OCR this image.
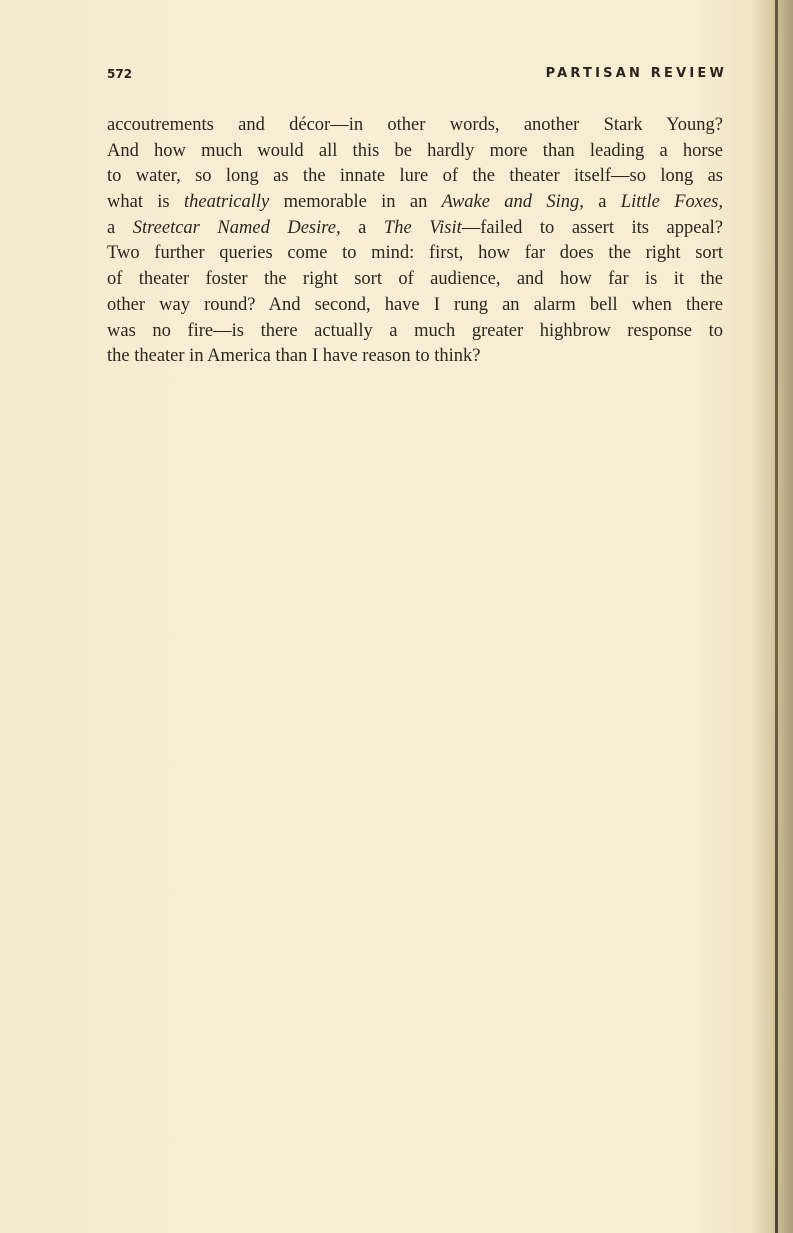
572	PARTISAN REVIEW
accoutrements and décor—in other words, another Stark Young?
And how much would all this be hardly more than leading a horse
to water, so long as the innate lure of the theater itself—so long as
what is theatrically memorable in an Awake and Sing, a Little Foxes,
a Streetcar Named Desire, a The Visit—failed to assert its appeal?
Two further queries come to mind: first, how far does the right sort
of theater foster the right sort of audience, and how far is it the
other way round? And second, have I rung an alarm bell when there
was no fire—is there actually a much greater highbrow response to
the theater in America than I have reason to think?
